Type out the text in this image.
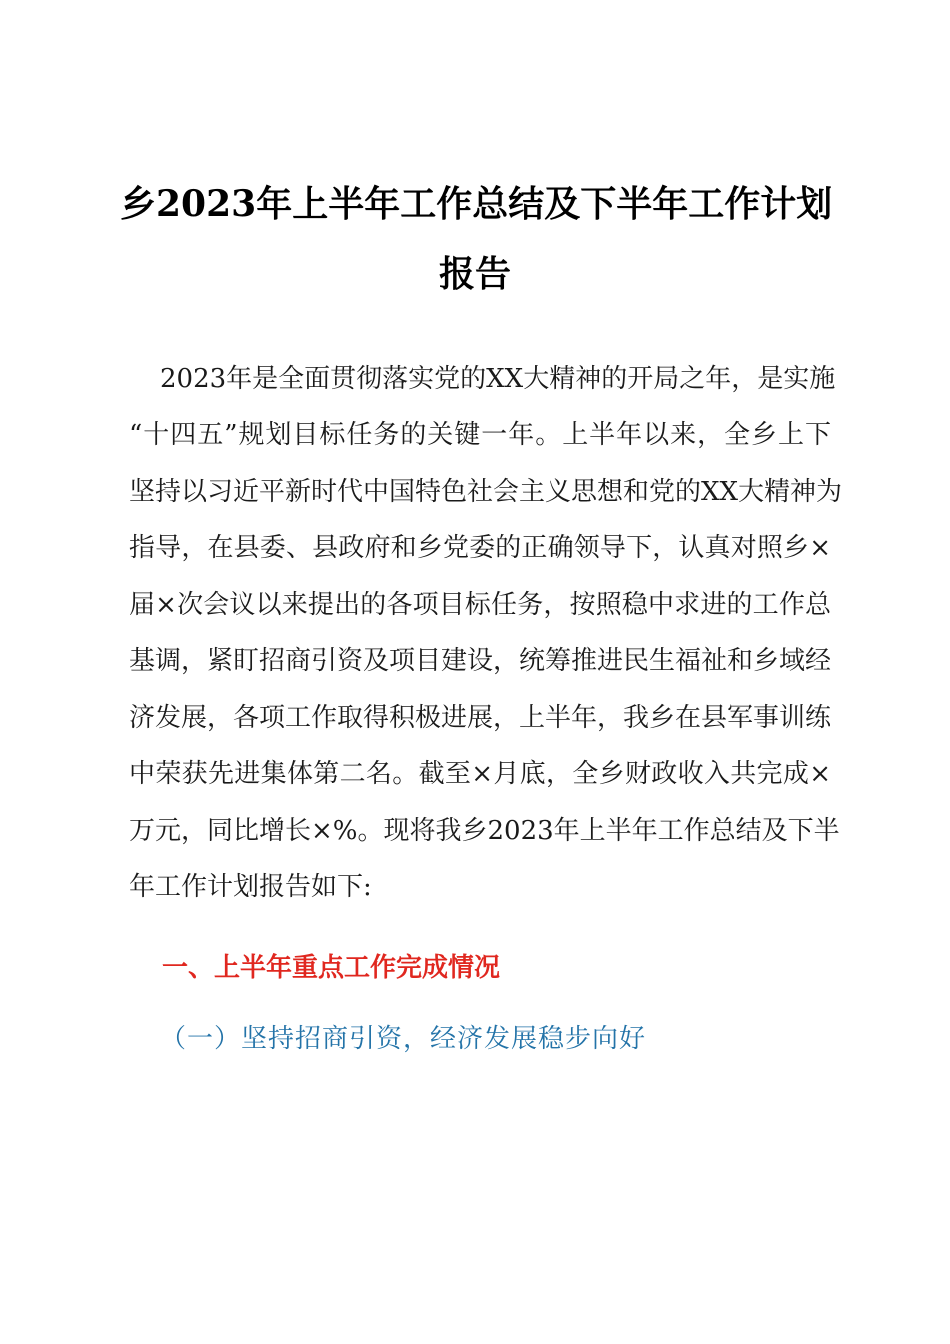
乡2023年上半年工作总结及下半年工作计划
报告
2023年是全面贯彻落实党的XX大精神的开局之年，是实施
“十四五”规划目标任务的关键一年。上半年以来，全乡上下
坚持以习近平新时代中国特色社会主义思想和党的XX大精神为
指导，在县委、县政府和乡党委的正确领导下，认真对照乡×
届×次会议以来提出的各项目标任务，按照稳中求进的工作总
基调，紧盯招商引资及项目建设，统筹推进民生福祉和乡域经
济发展，各项工作取得积极进展，上半年，我乡在县军事训练
中荣获先进集体第二名。截至×月底，全乡财政收入共完成×
万元，同比增长×%。现将我乡2023年上半年工作总结及下半
年工作计划报告如下:
一、上半年重点工作完成情况
（一）坚持招商引资，经济发展稳步向好
